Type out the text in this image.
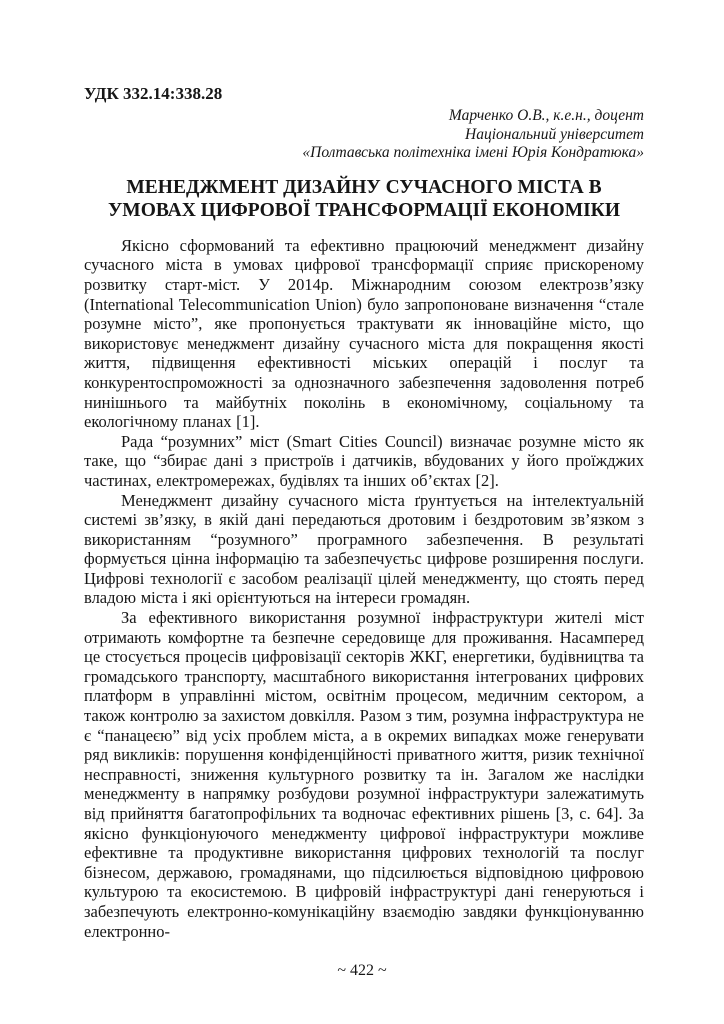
УДК 332.14:338.28
Марченко О.В., к.е.н., доцент
Національний університет
«Полтавська політехніка імені Юрія Кондратюка»
МЕНЕДЖМЕНТ ДИЗАЙНУ СУЧАСНОГО МІСТА В
УМОВАХ ЦИФРОВОЇ ТРАНСФОРМАЦІЇ ЕКОНОМІКИ

Якісно сформований та ефективно працюючий менеджмент дизайну сучасного міста в умовах цифрової трансформації сприяє прискореному розвитку старт-міст. У 2014р. Міжнародним союзом електрозв’язку (International Telecommunication Union) було запропоноване визначення “стале розумне місто”, яке пропонується трактувати як інноваційне місто, що використовує менеджмент дизайну сучасного міста для покращення якості життя, підвищення ефективності міських операцій і послуг та конкурентоспроможності за однозначного забезпечення задоволення потреб нинішнього та майбутніх поколінь в економічному, соціальному та екологічному планах [1].

Рада “розумних” міст (Smart Cities Council) визначає розумне місто як таке, що “збирає дані з пристроїв і датчиків, вбудованих у його проїжджих частинах, електромережах, будівлях та інших об’єктах [2].

Менеджмент дизайну сучасного міста ґрунтується на інтелектуальній системі зв’язку, в якій дані передаються дротовим і бездротовим зв’язком з використанням “розумного” програмного забезпечення. В результаті формується цінна інформацію та забезпечуєтьс цифрове розширення послуги. Цифрові технології є засобом реалізації цілей менеджменту, що стоять перед владою міста і які орієнтуються на інтереси громадян.

За ефективного використання розумної інфраструктури жителі міст отримають комфортне та безпечне середовище для проживання. Насамперед це стосується процесів цифровізації секторів ЖКГ, енергетики, будівництва та громадського транспорту, масштабного використання інтегрованих цифрових платформ в управлінні містом, освітнім процесом, медичним сектором, а також контролю за захистом довкілля. Разом з тим, розумна інфраструктура не є “панацеєю” від усіх проблем міста, а в окремих випадках може генерувати ряд викликів: порушення конфіденційності приватного життя, ризик технічної несправності, зниження культурного розвитку та ін. Загалом же наслідки менеджменту в напрямку розбудови розумної інфраструктури залежатимуть від прийняття багатопрофільних та водночас ефективних рішень [3, с. 64]. За якісно функціонуючого менеджменту цифрової інфраструктури можливе ефективне та продуктивне використання цифрових технологій та послуг бізнесом, державою, громадянами, що підсилюється відповідною цифровою культурою та екосистемою. В цифровій інфраструктурі дані генеруються і забезпечують електронно-комунікаційну взаємодію завдяки функціонуванню електронно-

~ 422 ~
